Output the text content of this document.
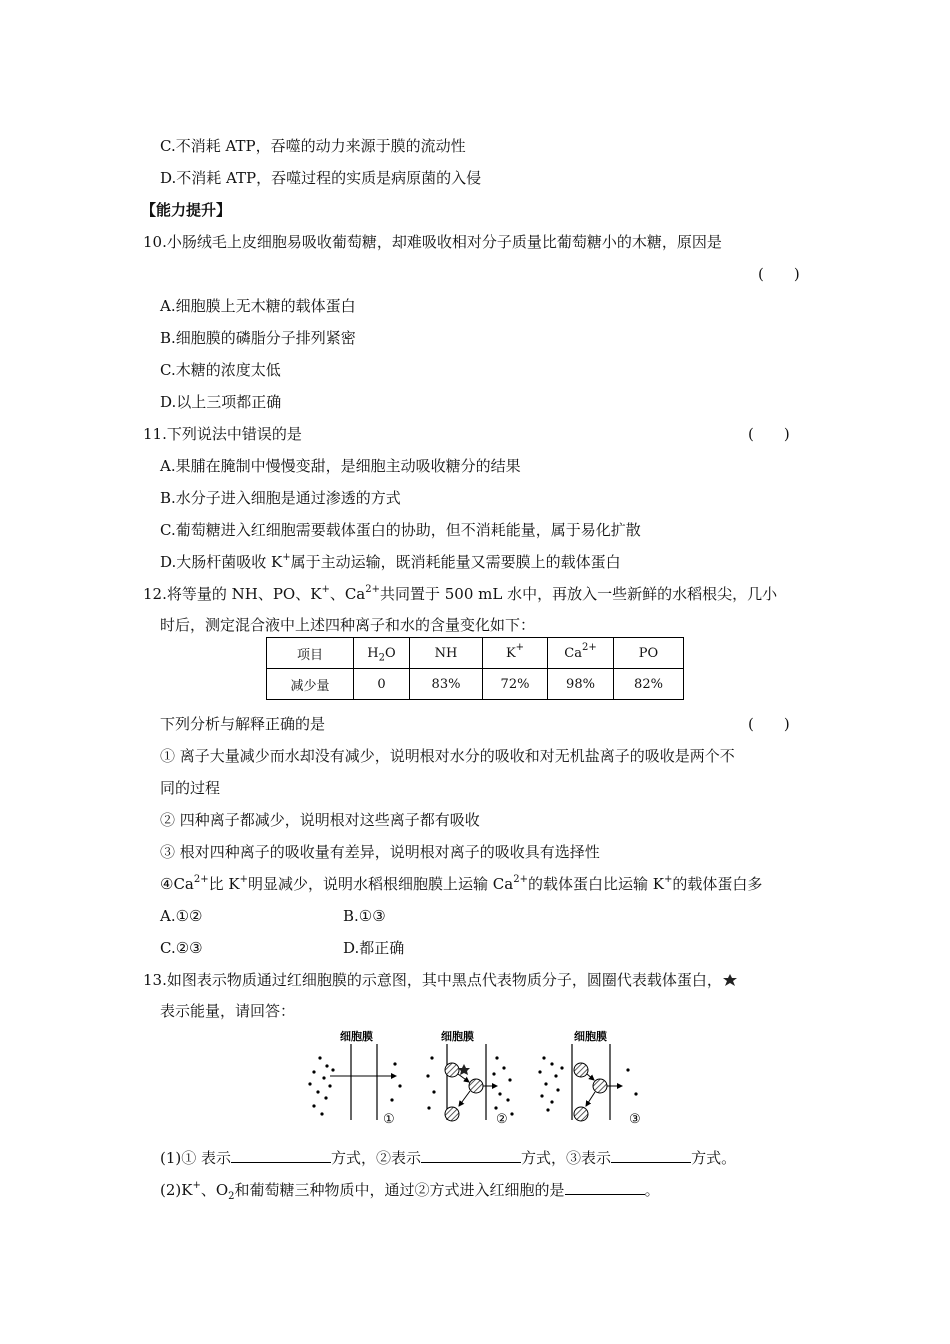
C.不消耗 ATP，吞噬的动力来源于膜的流动性
D.不消耗 ATP，吞噬过程的实质是病原菌的入侵
【能力提升】
10.小肠绒毛上皮细胞易吸收葡萄糖，却难吸收相对分子质量比葡萄糖小的木糖，原因是
(　　)
A.细胞膜上无木糖的载体蛋白
B.细胞膜的磷脂分子排列紧密
C.木糖的浓度太低
D.以上三项都正确
11.下列说法中错误的是	(　　)
A.果脯在腌制中慢慢变甜，是细胞主动吸收糖分的结果
B.水分子进入细胞是通过渗透的方式
C.葡萄糖进入红细胞需要载体蛋白的协助，但不消耗能量，属于易化扩散
D.大肠杆菌吸收 K+属于主动运输，既消耗能量又需要膜上的载体蛋白
12.将等量的 NH、PO、K+、$Ca^{2+}$共同置于 500 mL 水中，再放入一些新鲜的水稻根尖，几小
时后，测定混合液中上述四种离子和水的含量变化如下：
项目	$H_2O$	NH	K+	$Ca^{2+}$	PO
减少量	0	83%	72%	98%	82%
下列分析与解释正确的是	(　　)
① 离子大量减少而水却没有减少，说明根对水分的吸收和对无机盐离子的吸收是两个不
同的过程
② 四种离子都减少，说明根对这些离子都有吸收
③ 根对四种离子的吸收量有差异，说明根对离子的吸收具有选择性
$④Ca^{2+}$比 K+明显减少，说明水稻根细胞膜上运输 $Ca^{2+}$的载体蛋白比运输 K+的载体蛋白多
A.①②	B.①③
C.②③	D.都正确
13.如图表示物质通过红细胞膜的示意图，其中黑点代表物质分子，圆圈代表载体蛋白，
表示能量，请回答：
细胞膜
①
细胞膜
②
细胞膜
③
(1)① 表示	方式，②表示	方式，③表示	方式。
(2)K+、$O_2$和葡萄糖三种物质中，通过②方式进入红细胞的是	。
